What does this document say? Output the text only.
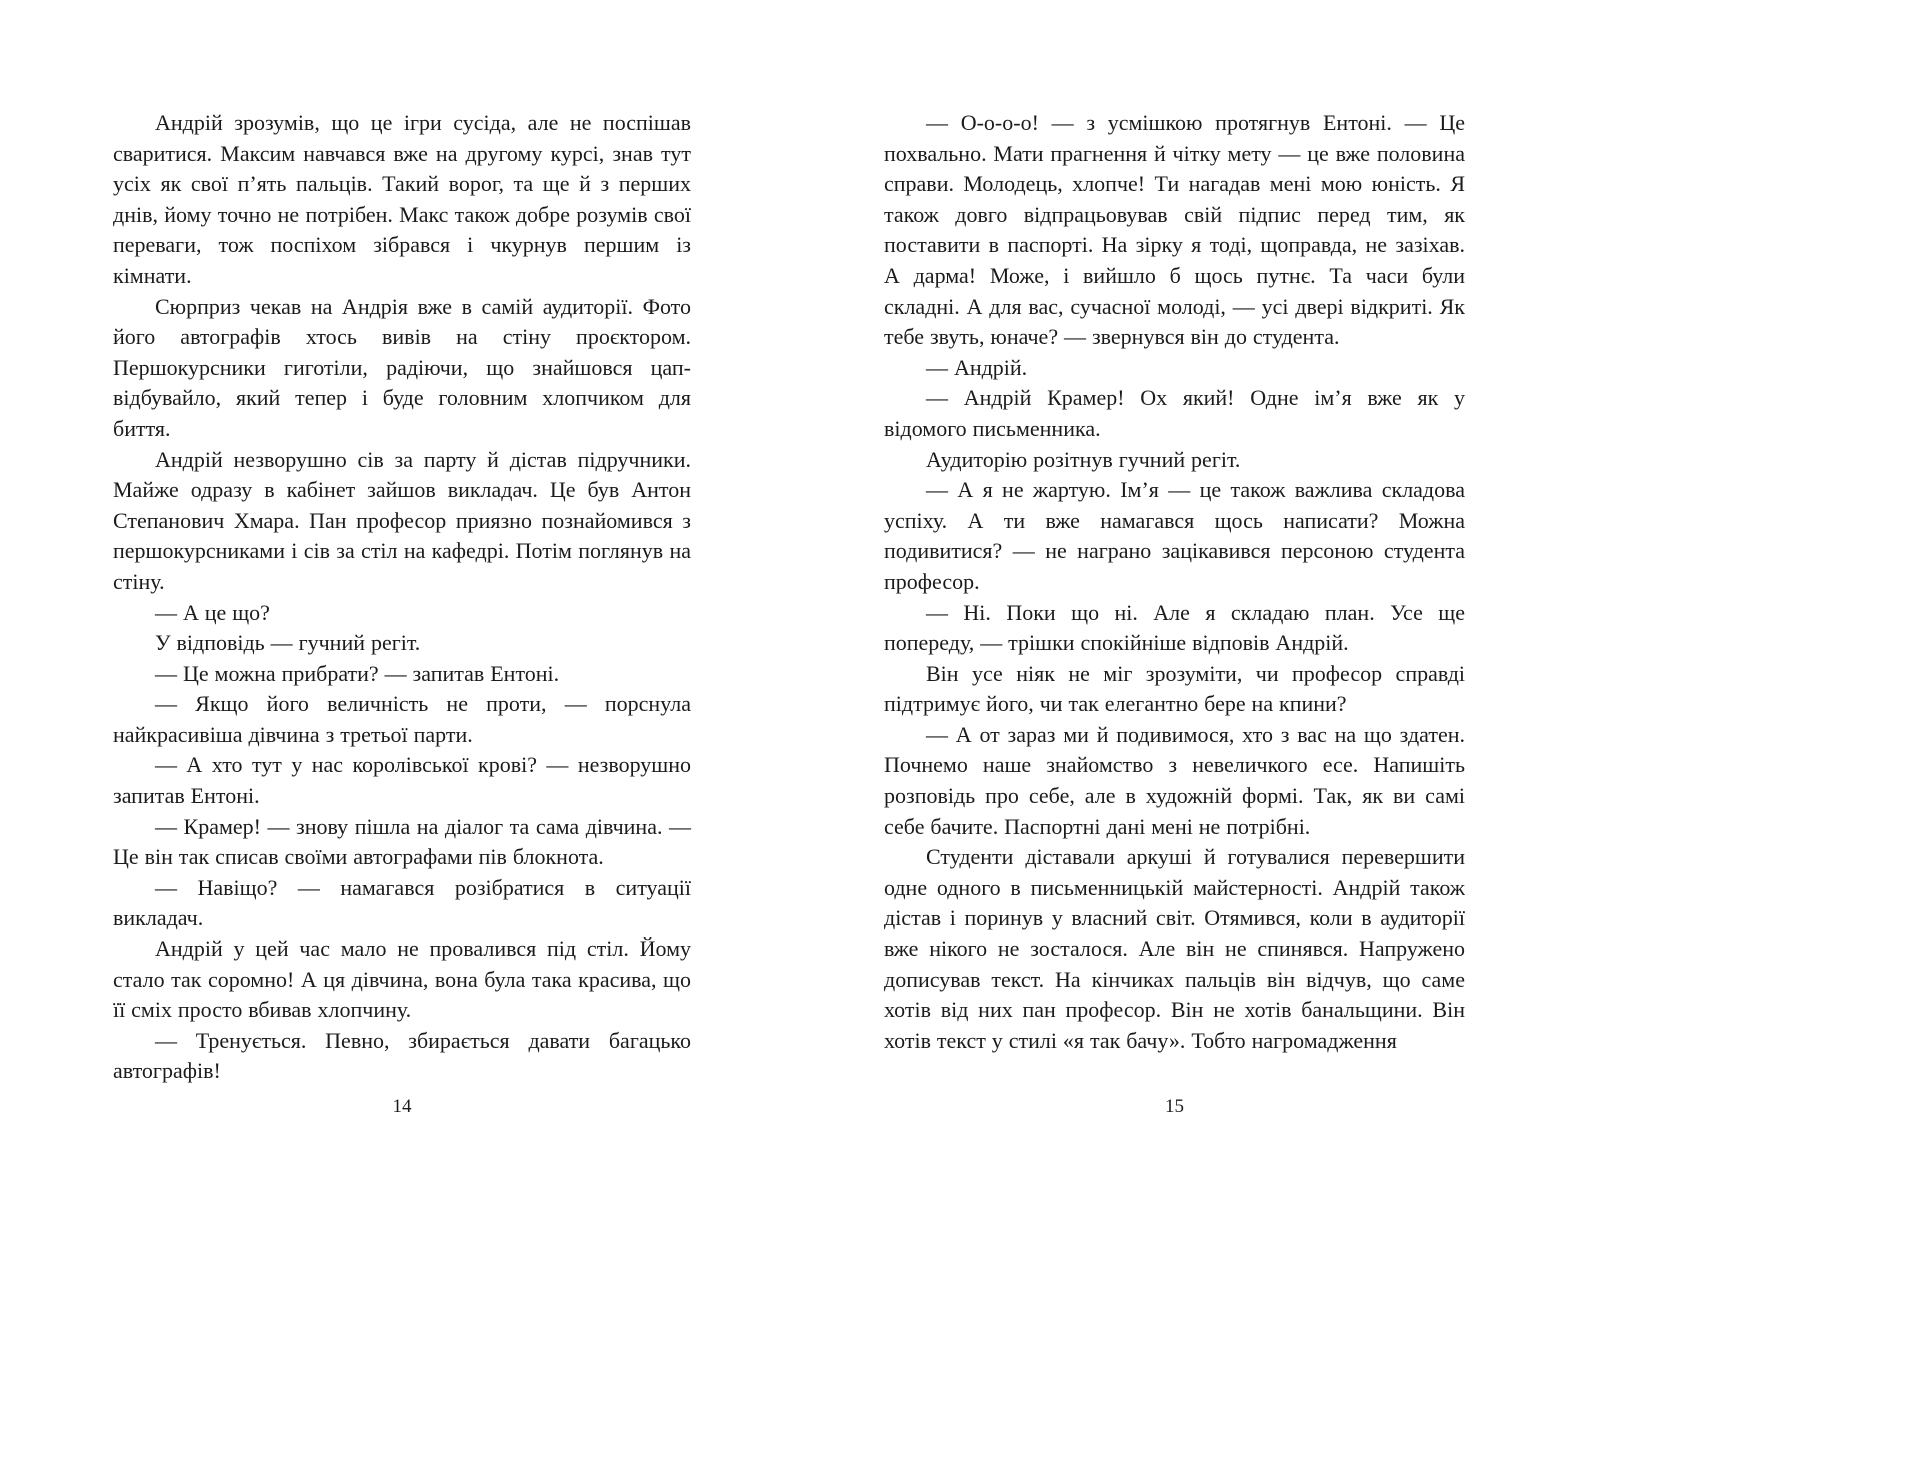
Андрій зрозумів, що це ігри сусіда, але не поспішав сваритися. Максим навчався вже на другому курсі, знав тут усіх як свої п’ять пальців. Такий ворог, та ще й з перших днів, йому точно не потрібен. Макс також добре розумів свої переваги, тож поспіхом зібрався і чкурнув першим із кімнати.

Сюрприз чекав на Андрія вже в самій аудиторії. Фото його автографів хтось вивів на стіну проєктором. Першокурсники гиготіли, радіючи, що знайшовся цап-відбувайло, який тепер і буде головним хлопчиком для биття.

Андрій незворушно сів за парту й дістав підручники. Майже одразу в кабінет зайшов викладач. Це був Антон Степанович Хмара. Пан професор приязно познайомився з першокурсниками і сів за стіл на кафедрі. Потім поглянув на стіну.

— А це що?

У відповідь — гучний регіт.

— Це можна прибрати? — запитав Ентоні.

— Якщо його величність не проти, — порснула найкрасивіша дівчина з третьої парти.

— А хто тут у нас королівської крові? — незворушно запитав Ентоні.

— Крамер! — знову пішла на діалог та сама дівчина. — Це він так списав своїми автографами пів блокнота.

— Навіщо? — намагався розібратися в ситуації викладач.

Андрій у цей час мало не провалився під стіл. Йому стало так соромно! А ця дівчина, вона була така красива, що її сміх просто вбивав хлопчину.

— Тренується. Певно, збирається давати багацько автографів!

— О-о-о-о! — з усмішкою протягнув Ентоні. — Це похвально. Мати прагнення й чітку мету — це вже половина справи. Молодець, хлопче! Ти нагадав мені мою юність. Я також довго відпрацьовував свій підпис перед тим, як поставити в паспорті. На зірку я тоді, щоправда, не зазіхав. А дарма! Може, і вийшло б щось путнє. Та часи були складні. А для вас, сучасної молоді, — усі двері відкриті. Як тебе звуть, юначе? — звернувся він до студента.

— Андрій.

— Андрій Крамер! Ох який! Одне ім’я вже як у відомого письменника.

Аудиторію розітнув гучний регіт.

— А я не жартую. Ім’я — це також важлива складова успіху. А ти вже намагався щось написати? Можна подивитися? — не награно зацікавився персоною студента професор.

— Ні. Поки що ні. Але я складаю план. Усе ще попереду, — трішки спокійніше відповів Андрій.

Він усе ніяк не міг зрозуміти, чи професор справді підтримує його, чи так елегантно бере на кпини?

— А от зараз ми й подивимося, хто з вас на що здатен. Почнемо наше знайомство з невеличкого есе. Напишіть розповідь про себе, але в художній формі. Так, як ви самі себе бачите. Паспортні дані мені не потрібні.

Студенти діставали аркуші й готувалися перевершити одне одного в письменницькій майстерності. Андрій також дістав і поринув у власний світ. Отямився, коли в аудиторії вже нікого не зосталося. Але він не спинявся. Напружено дописував текст. На кінчиках пальців він відчув, що саме хотів від них пан професор. Він не хотів банальщини. Він хотів текст у стилі «я так бачу». Тобто нагромадження

14	15
